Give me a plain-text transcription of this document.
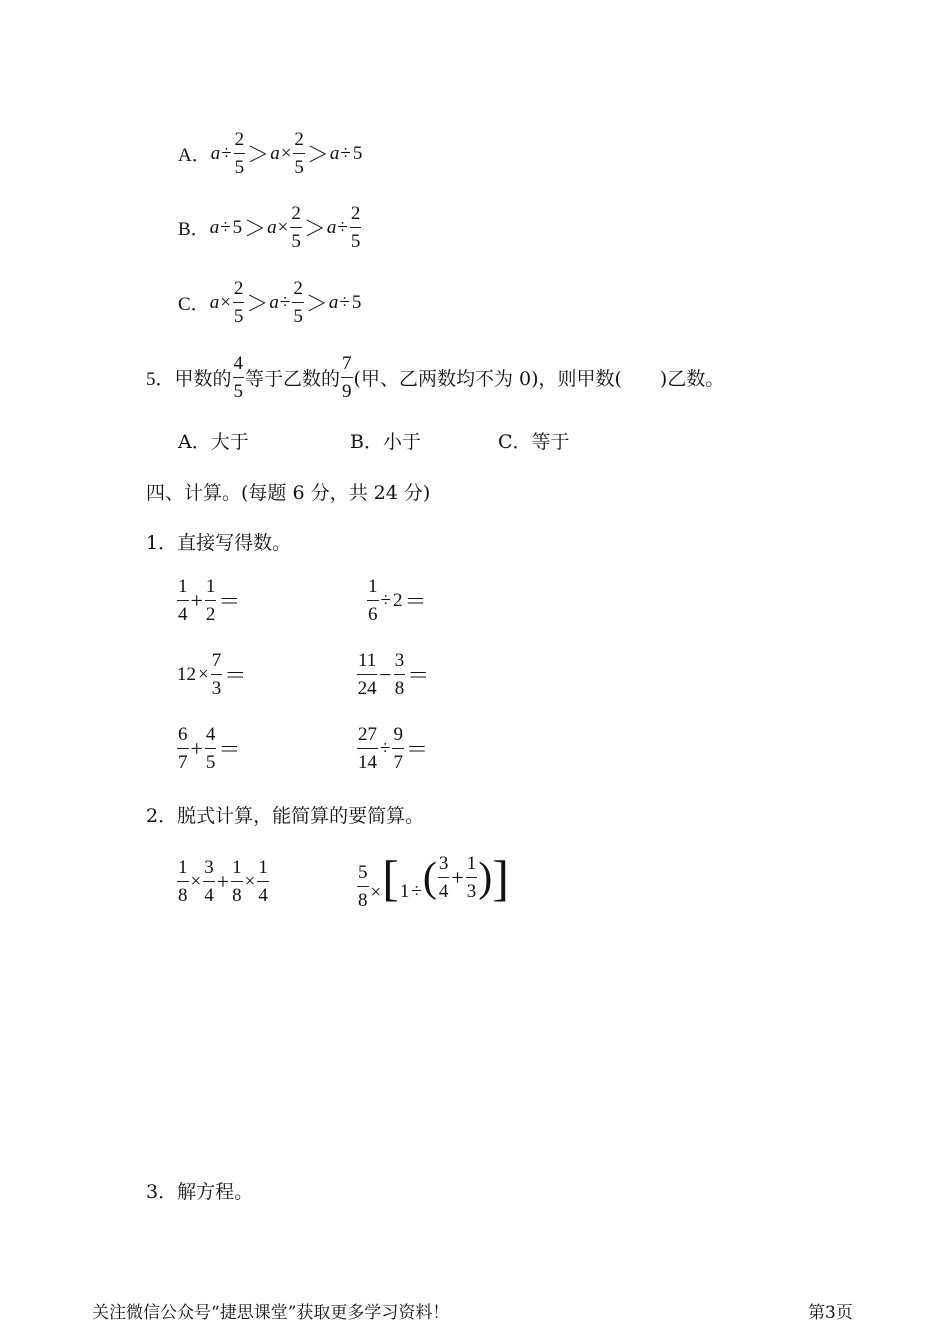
A． $a \div \frac{2}{5} > a \times \frac{2}{5} > a \div 5$
B． $a \div 5 > a \times \frac{2}{5} > a \div \frac{2}{5}$
C． $a \times \frac{2}{5} > a \div \frac{2}{5} > a \div 5$
5． 甲数的 $\frac{4}{5}$ 等于乙数的 $\frac{7}{9}$ (甲、乙两数均不为 0)，则甲数(　　)乙数。
A．大于	B．小于	C．等于
四、计算。(每题 6 分，共 24 分)
1．直接写得数。
$\frac{1}{4} + \frac{1}{2}$ ＝	$\frac{1}{6} \div 2$ ＝
$12 \times \frac{7}{3}$ ＝	$\frac{11}{24} - \frac{3}{8}$ ＝
$\frac{6}{7} + \frac{4}{5}$ ＝	$\frac{27}{14} \div \frac{9}{7}$ ＝
2．脱式计算，能简算的要简算。
$\frac{1}{8} \times \frac{3}{4} + \frac{1}{8} \times \frac{1}{4}$	$\frac{5}{8}$ × [ 1 ÷ ( $\frac{3}{4} + \frac{1}{3}$ ) ]
3．解方程。
关注微信公众号“捷思课堂”获取更多学习资料！	第3页
